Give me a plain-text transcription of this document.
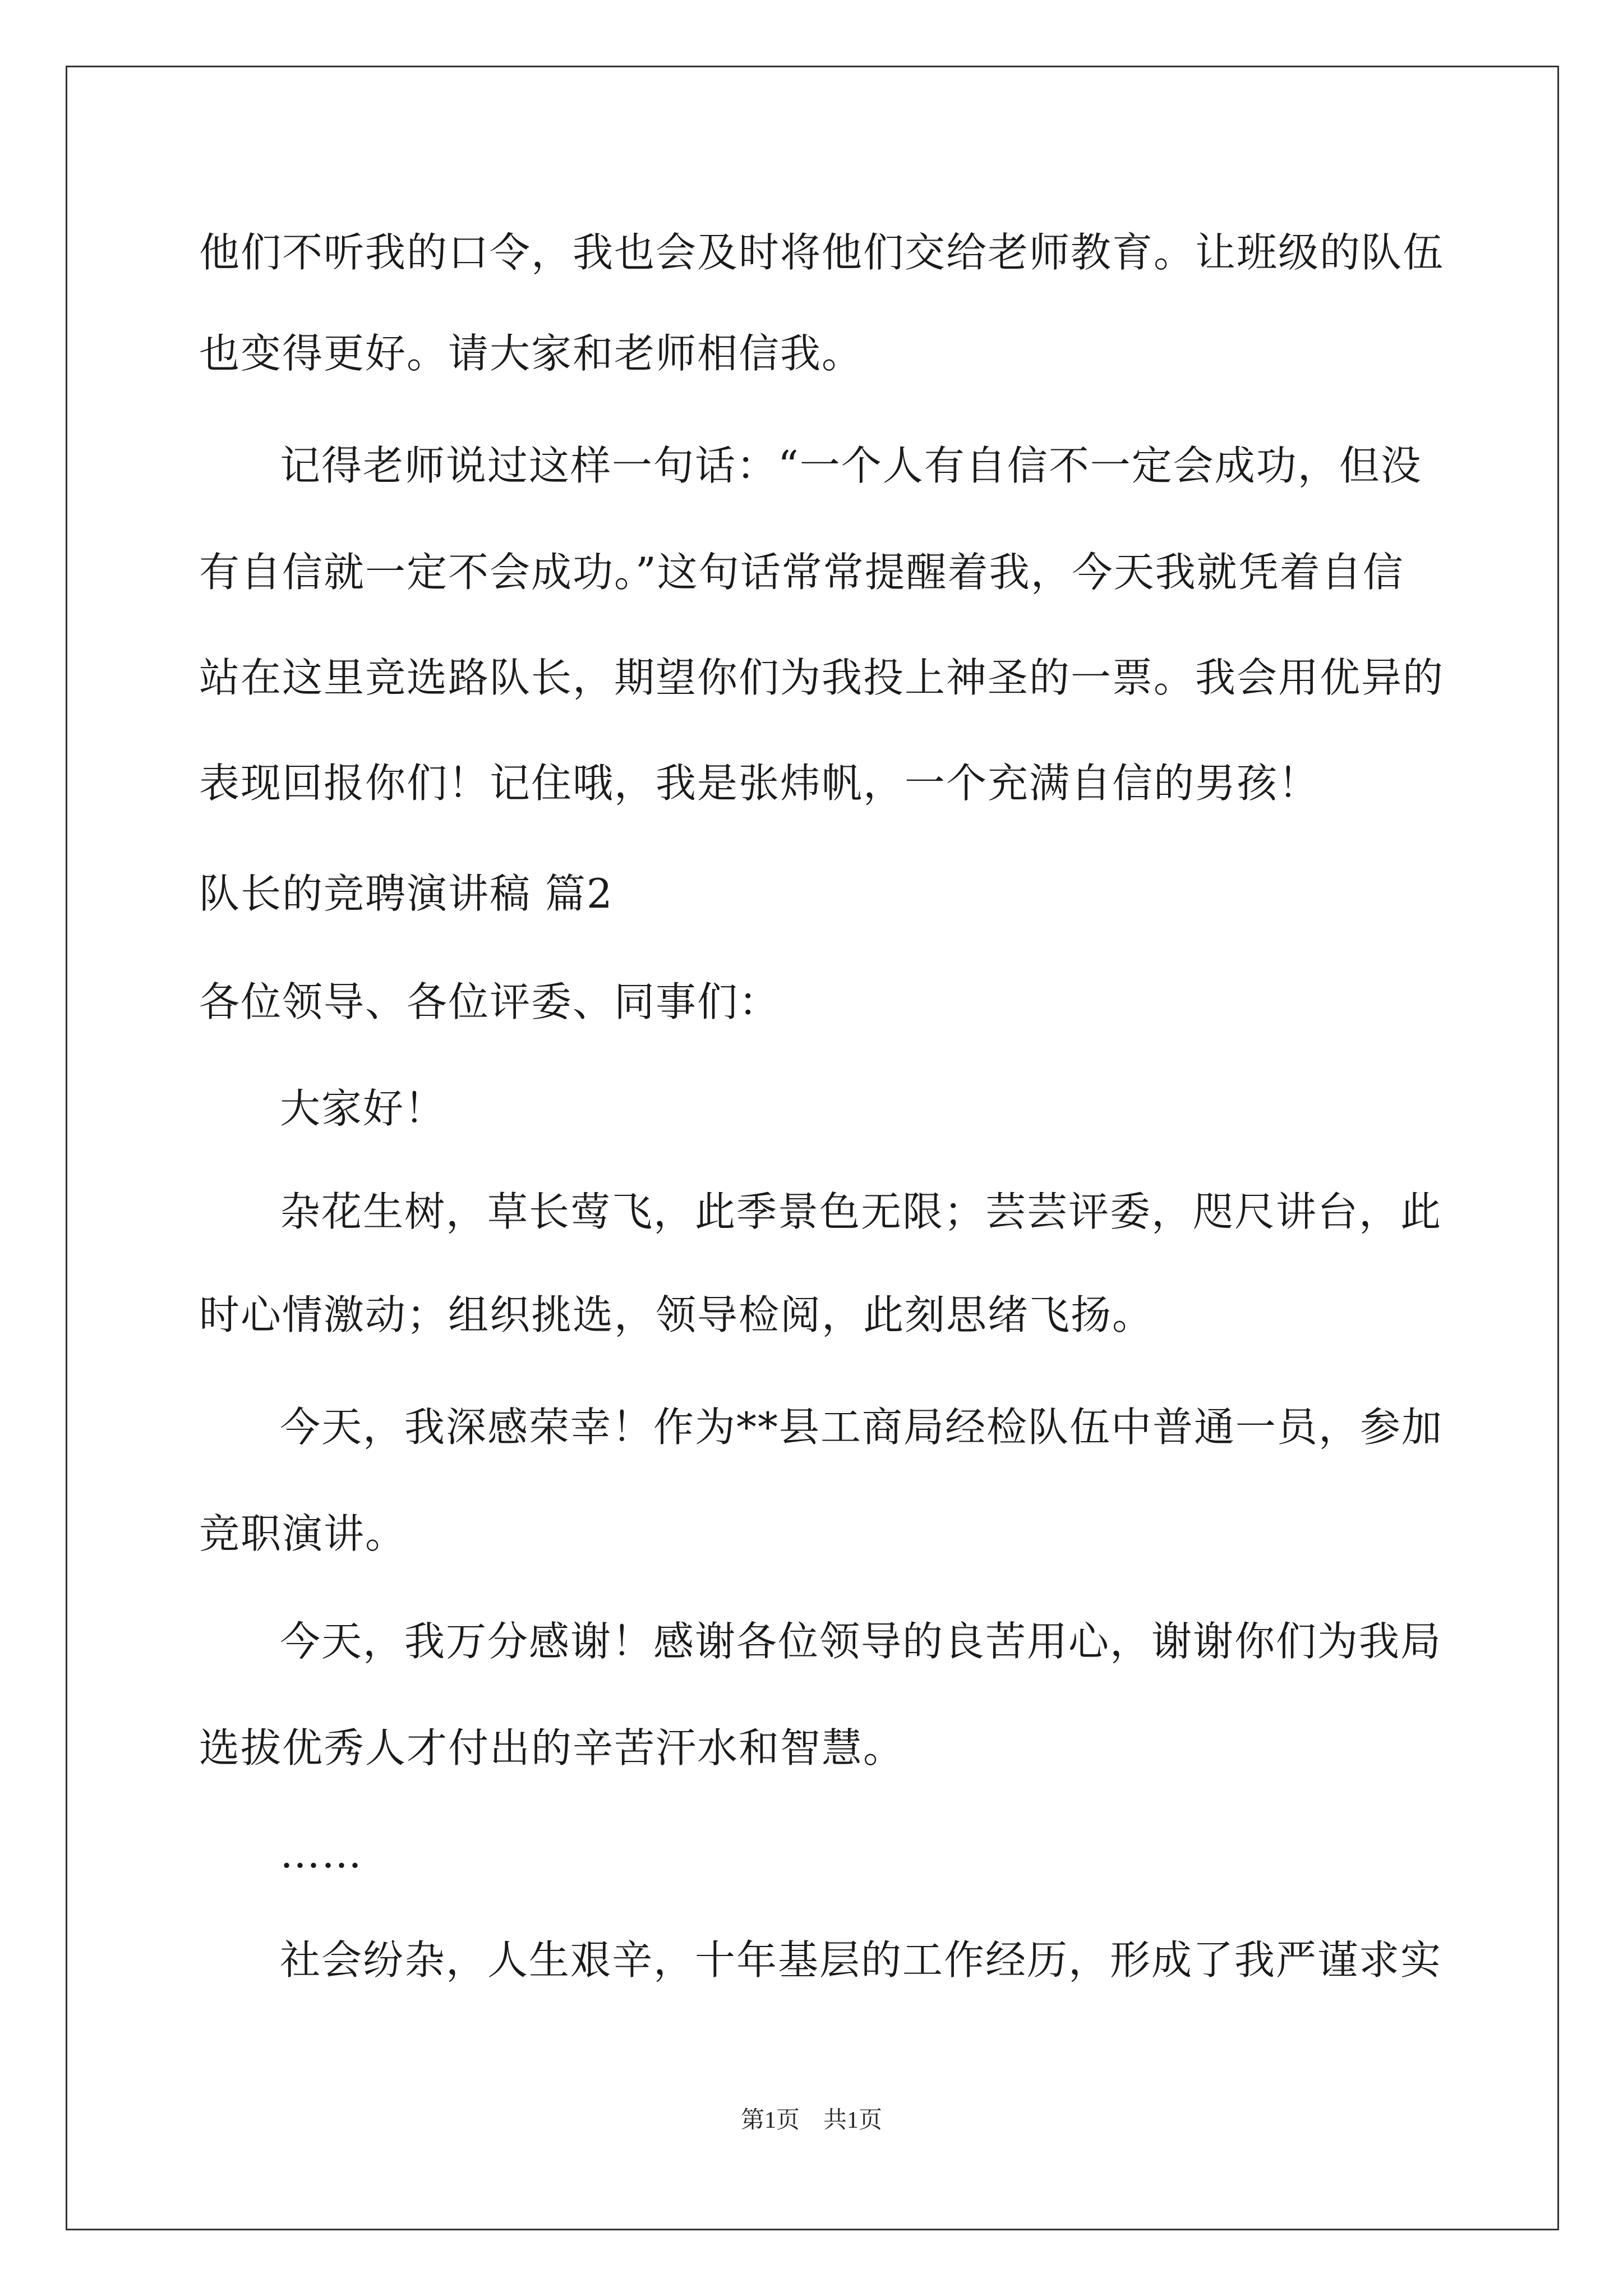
他们不听我的口令，我也会及时将他们交给老师教育。让班级的队伍
也变得更好。请大家和老师相信我。
记得老师说过这样一句话：“一个人有自信不一定会成功，但没
有自信就一定不会成功。”这句话常常提醒着我，今天我就凭着自信
站在这里竞选路队长，期望你们为我投上神圣的一票。我会用优异的
表现回报你们！记住哦，我是张炜帆，一个充满自信的男孩！
队长的竞聘演讲稿 篇2
各位领导、各位评委、同事们：
大家好！
杂花生树，草长莺飞，此季景色无限；芸芸评委，咫尺讲台，此
时心情激动；组织挑选，领导检阅，此刻思绪飞扬。
今天，我深感荣幸！作为**县工商局经检队伍中普通一员，参加
竞职演讲。
今天，我万分感谢！感谢各位领导的良苦用心，谢谢你们为我局
选拔优秀人才付出的辛苦汗水和智慧。
……
社会纷杂，人生艰辛，十年基层的工作经历，形成了我严谨求实
第1页　共1页
